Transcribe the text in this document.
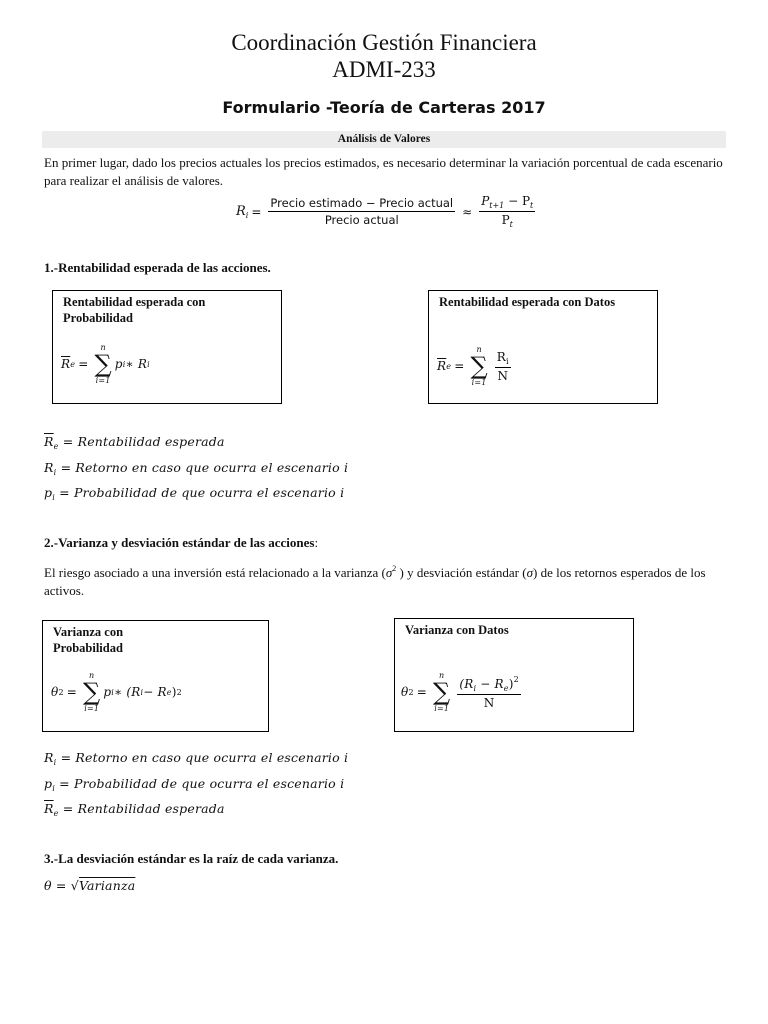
Coordinación Gestión Financiera
ADMI-233
Formulario -Teoría de Carteras 2017
Análisis de Valores
En primer lugar, dado los precios actuales los precios estimados, es necesario determinar la variación porcentual de cada escenario para realizar el análisis de valores.
$R_i = \frac{\text{Precio estimado − Precio actual}}{\text{Precio actual}} \approx \frac{P_{t+1} - P_t}{P_t}$
1.-Rentabilidad esperada de las acciones.
Rentabilidad esperada con Probabilidad
$\overline{R}$ e =
n
∑
i=1
p i ∗ R i
Rentabilidad esperada con Datos
$\overline{R}$ e =
n
∑
$i=1 \frac{R_i}{N}$
$\overline{R}_e$ = Rentabilidad esperada
$R_i$ = Retorno en caso que ocurra el escenario i
$p_i$ = Probabilidad de que ocurra el escenario i
2.-Varianza y desviación estándar de las acciones:
El riesgo asociado a una inversión está relacionado a la varianza ($\sigma^2$ ) y desviación estándar (σ) de los retornos esperados de los activos.
Varianza con Probabilidad
θ 2 =
n
∑
i=1
p i ∗ (R i − R e ) 2
Varianza con Datos
θ 2 =
n
∑
$i=1 \frac{(R_i - R_e)^2}{N}$
$R_i$ = Retorno en caso que ocurra el escenario i
$p_i$ = Probabilidad de que ocurra el escenario i
$\overline{R}_e$ = Rentabilidad esperada
3.-La desviación estándar es la raíz de cada varianza.
θ = √Varianza
